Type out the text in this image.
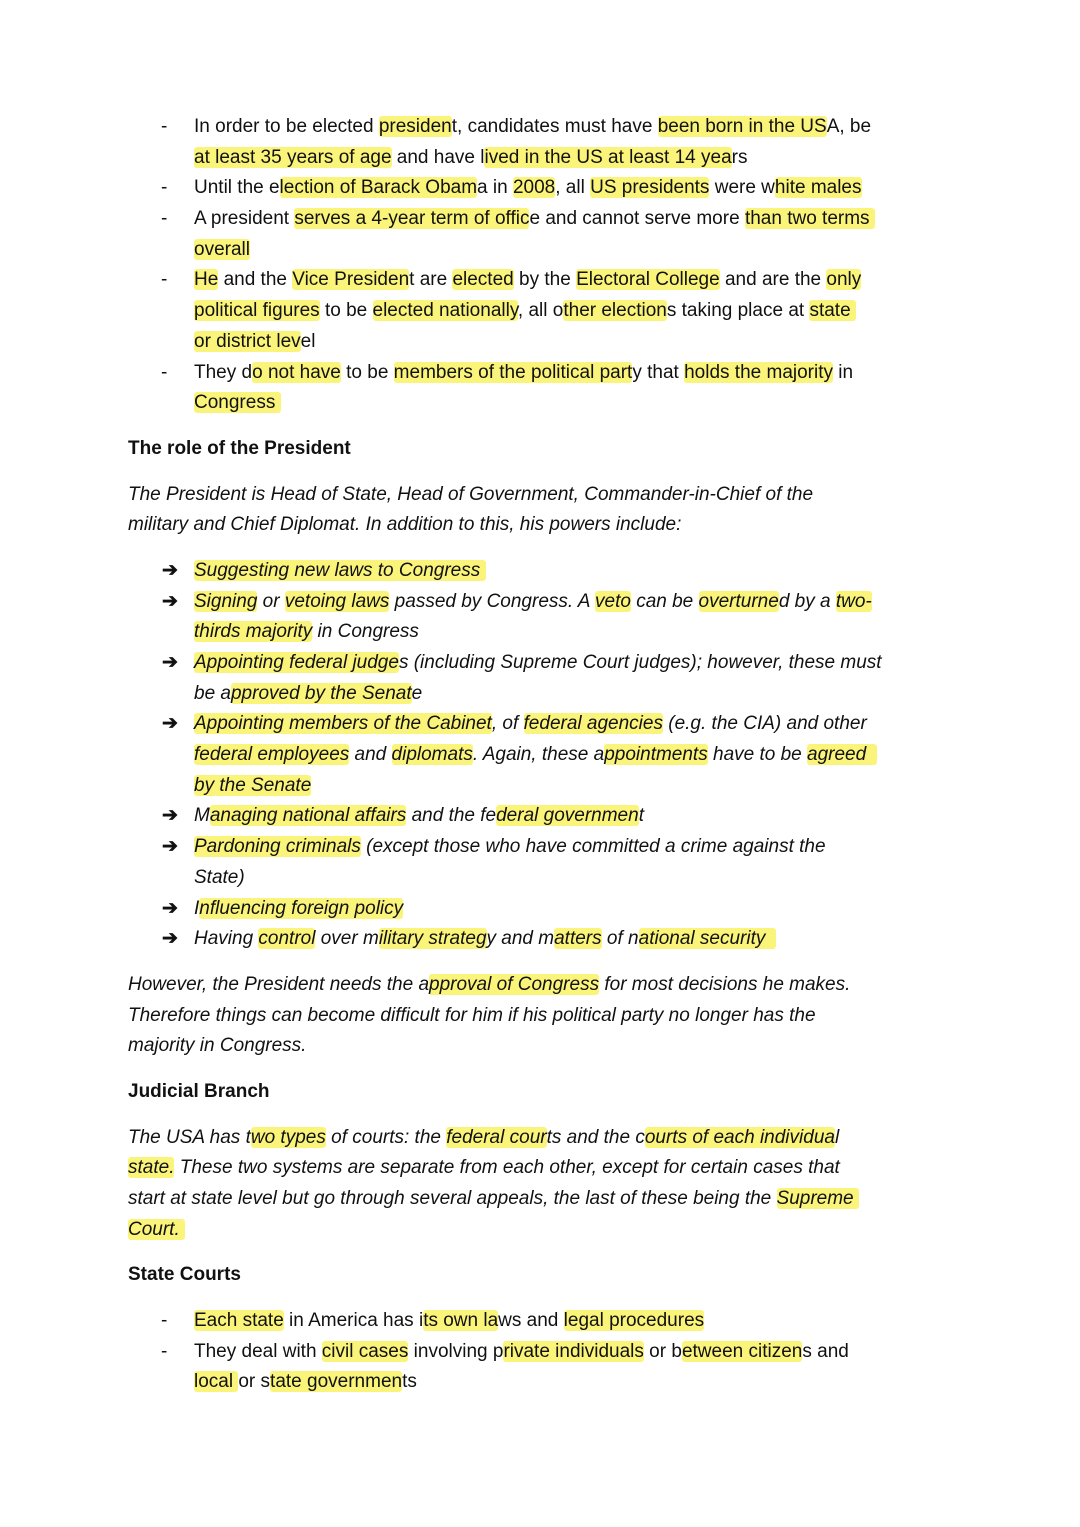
-	In order to be elected president, candidates must have been born in the USA, be
at least 35 years of age and have lived in the US at least 14 years
-	Until the election of Barack Obama in 2008, all US presidents were white males
-	A president serves a 4-year term of office and cannot serve more than two terms
overall
-	He and the Vice President are elected by the Electoral College and are the only
political figures to be elected nationally, all other elections taking place at state
or district level
-	They do not have to be members of the political party that holds the majority in
Congress
The role of the President
The President is Head of State, Head of Government, Commander-in-Chief of the
military and Chief Diplomat. In addition to this, his powers include:
➔ Suggesting new laws to Congress
➔ Signing or vetoing laws passed by Congress. A veto can be overturned by a two-
thirds majority in Congress
➔ Appointing federal judges (including Supreme Court judges); however, these must
be approved by the Senate
➔ Appointing members of the Cabinet, of federal agencies (e.g. the CIA) and other
federal employees and diplomats. Again, these appointments have to be agreed
by the Senate
➔ Managing national affairs and the federal government
➔ Pardoning criminals (except those who have committed a crime against the
State)
➔ Influencing foreign policy
➔ Having control over military strategy and matters of national security
However, the President needs the approval of Congress for most decisions he makes.
Therefore things can become difficult for him if his political party no longer has the
majority in Congress.
Judicial Branch
The USA has two types of courts: the federal courts and the courts of each individual
state. These two systems are separate from each other, except for certain cases that
start at state level but go through several appeals, the last of these being the Supreme
Court.
State Courts
-	Each state in America has its own laws and legal procedures
-	They deal with civil cases involving private individuals or between citizens and
local or state governments
